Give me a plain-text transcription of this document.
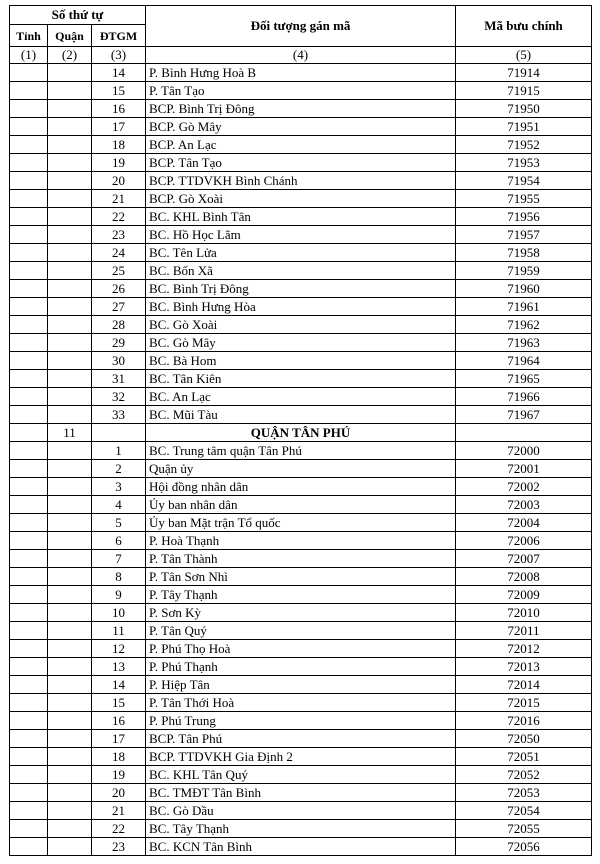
Số thứ tự			Đối tượng gán mã	Mã bưu chính
Tỉnh	Quận	ĐTGM		
(1)	(2)	(3)	(4)	(5)
		14	P. Bình Hưng Hoà B	71914
		15	P. Tân Tạo	71915
		16	BCP. Bình Trị Đông	71950
		17	BCP. Gò Mây	71951
		18	BCP. An Lạc	71952
		19	BCP. Tân Tạo	71953
		20	BCP. TTDVKH Bình Chánh	71954
		21	BCP. Gò Xoài	71955
		22	BC. KHL Bình Tân	71956
		23	BC. Hồ Học Lãm	71957
		24	BC. Tên Lửa	71958
		25	BC. Bốn Xã	71959
		26	BC. Bình Trị Đông	71960
		27	BC. Bình Hưng Hòa	71961
		28	BC. Gò Xoài	71962
		29	BC. Gò Mây	71963
		30	BC. Bà Hom	71964
		31	BC. Tân Kiên	71965
		32	BC. An Lạc	71966
		33	BC. Mũi Tàu	71967
	11		QUẬN TÂN PHÚ	
		1	BC. Trung tâm quận Tân Phú	72000
		2	Quận ủy	72001
		3	Hội đồng nhân dân	72002
		4	Ủy ban nhân dân	72003
		5	Ủy ban Mặt trận Tổ quốc	72004
		6	P. Hoà Thạnh	72006
		7	P. Tân Thành	72007
		8	P. Tân Sơn Nhì	72008
		9	P. Tây Thạnh	72009
		10	P. Sơn Kỳ	72010
		11	P. Tân Quý	72011
		12	P. Phú Thọ Hoà	72012
		13	P. Phú Thạnh	72013
		14	P. Hiệp Tân	72014
		15	P. Tân Thới Hoà	72015
		16	P. Phú Trung	72016
		17	BCP. Tân Phú	72050
		18	BCP. TTDVKH Gia Định 2	72051
		19	BC. KHL Tân Quý	72052
		20	BC. TMĐT Tân Bình	72053
		21	BC. Gò Dầu	72054
		22	BC. Tây Thạnh	72055
		23	BC. KCN Tân Bình	72056
